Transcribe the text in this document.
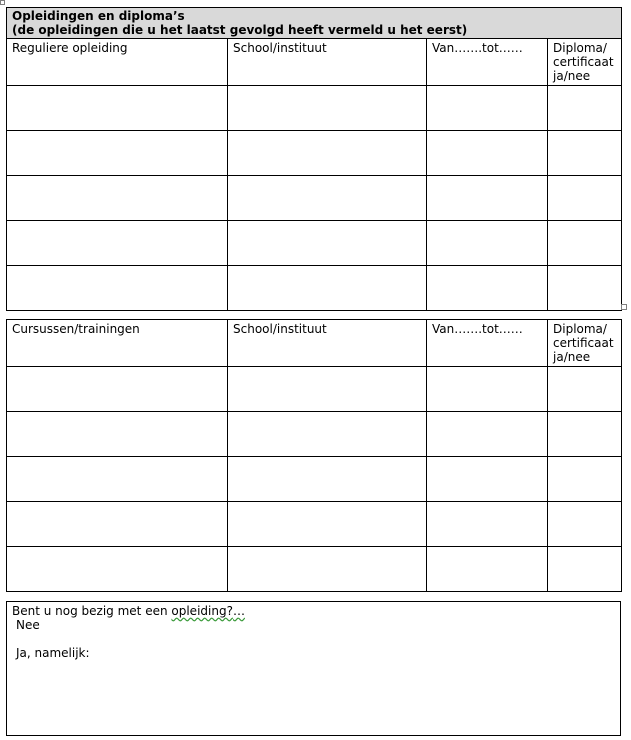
Opleidingen en diploma’s
(de opleidingen die u het laatst gevolgd heeft vermeld u het eerst)			

Reguliere opleiding	School/instituut	Van…….tot……	Diploma/ certificaat ja/nee

Cursussen/trainingen	School/instituut	Van…….tot……	Diploma/ certificaat ja/nee

Bent u nog bezig met een opleiding?…
Nee
Ja, namelijk:
